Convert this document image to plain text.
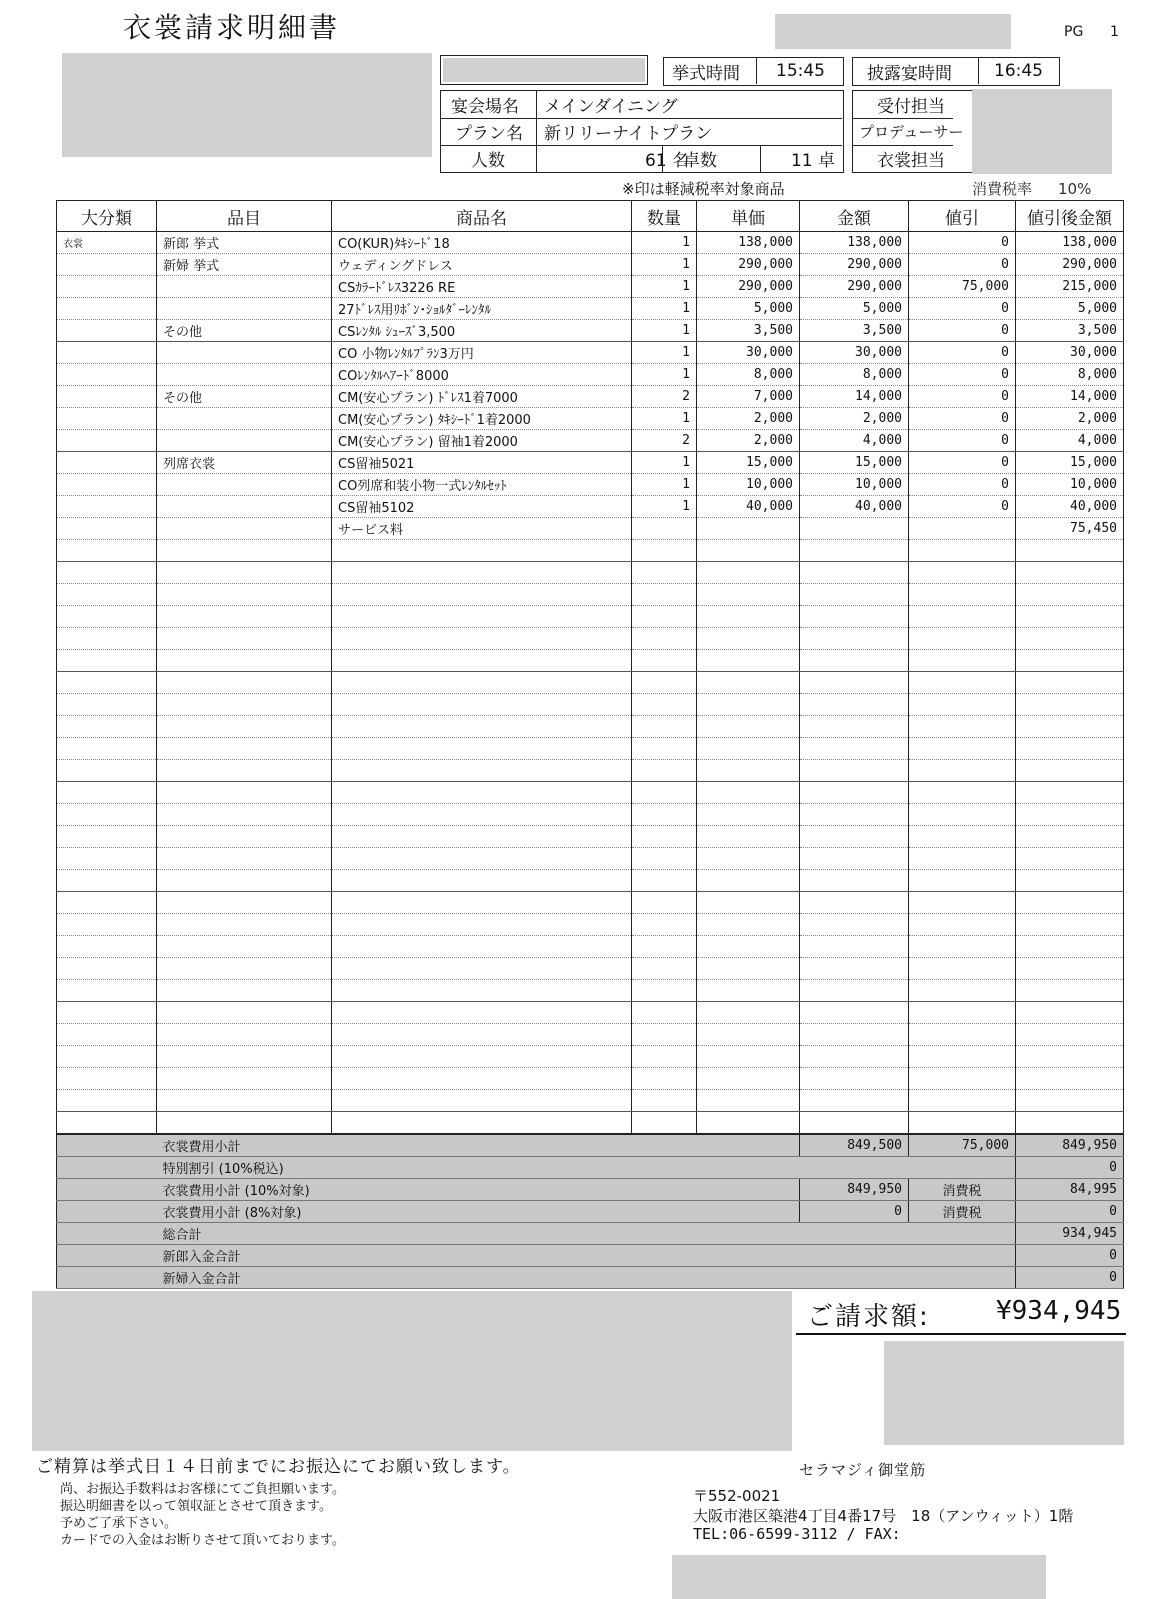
衣裳請求明細書	PG 1
挙式時間 15:45 披露宴時間 16:45
宴会場名 メインダイニング
プラン名 新リリーナイトプラン
人数	61 名
卓数	11 卓
受付担当
プロデューサー
衣裳担当
※印は軽減税率対象商品	消費税率 10%
大分類	品目	商品名	数量	単価	金額	値引	値引後金額
衣裳	新郎 挙式	CO(KUR)ﾀｷｼｰﾄﾞ18	1	138,000	138,000	0	138,000
	新婦 挙式	ウェディングドレス	1	290,000	290,000	0	290,000
		CSｶﾗｰﾄﾞﾚｽ3226 RE	1	290,000	290,000	75,000	215,000
		27ﾄﾞﾚｽ用ﾘﾎﾞﾝ･ｼｮﾙﾀﾞｰﾚﾝﾀﾙ	1	5,000	5,000	0	5,000
	その他	CSﾚﾝﾀﾙ ｼｭｰｽﾞ3,500	1	3,500	3,500	0	3,500
		CO 小物ﾚﾝﾀﾙﾌﾟﾗﾝ3万円	1	30,000	30,000	0	30,000
		COﾚﾝﾀﾙﾍｱｰﾄﾞ8000	1	8,000	8,000	0	8,000
	その他	CM(安心プラン) ﾄﾞﾚｽ1着7000	2	7,000	14,000	0	14,000
		CM(安心プラン) ﾀｷｼｰﾄﾞ1着2000	1	2,000	2,000	0	2,000
		CM(安心プラン) 留袖1着2000	2	2,000	4,000	0	4,000
	列席衣裳	CS留袖5021	1	15,000	15,000	0	15,000
		CO列席和装小物一式ﾚﾝﾀﾙｾｯﾄ	1	10,000	10,000	0	10,000
		CS留袖5102	1	40,000	40,000	0	40,000
		サービス料					75,450

	衣裳費用小計			849,500	75,000	849,950
	特別割引 (10%税込)					0
	衣裳費用小計 (10%対象)			849,950	消費税	84,995
	衣裳費用小計 (8%対象)			0	消費税	0
	総合計					934,945
	新郎入金合計					0
	新婦入金合計					0
ご請求額:	¥934,945
ご精算は挙式日１４日前までにお振込にてお願い致します。
尚、お振込手数料はお客様にてご負担願います。
振込明細書を以って領収証とさせて頂きます。
予めご了承下さい。
カードでの入金はお断りさせて頂いております。
セラマジィ御堂筋
〒552-0021
大阪市港区築港4丁目4番17号　18（アンウィット）1階
TEL:06-6599-3112 / FAX:
